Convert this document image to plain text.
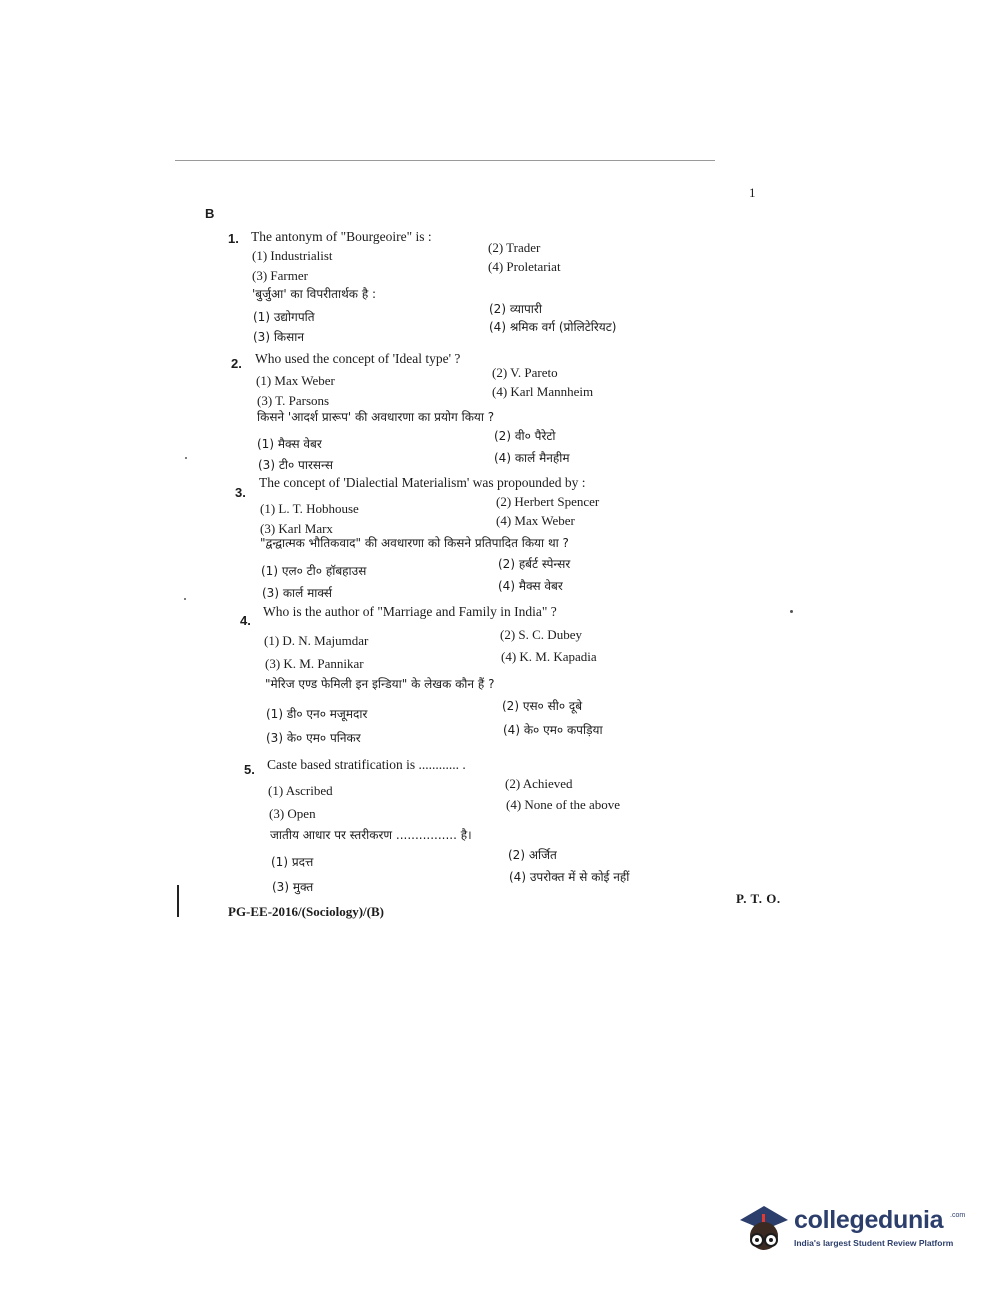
1
B
1. The antonym of "Bourgeoire" is :
(1) Industrialist
(2) Trader
(3) Farmer
(4) Proletariat
'बुर्जुआ' का विपरीतार्थक है :
(1) उद्योगपति
(2) व्यापारी
(3) किसान
(4) श्रमिक वर्ग (प्रोलिटेरियट)
2. Who used the concept of 'Ideal type' ?
(1) Max Weber
(2) V. Pareto
(3) T. Parsons
(4) Karl Mannheim
किसने 'आदर्श प्रारूप' की अवधारणा का प्रयोग किया ?
(1) मैक्स वेबर
(2) वी० पैरेटो
(3) टी० पारसन्स	(4) कार्ल मैनहीम
3.
The concept of 'Dialectial Materialism' was propounded by :
(1) L. T. Hobhouse	(2) Herbert Spencer
(3) Karl Marx
(4) Max Weber
"द्वन्द्वात्मक भौतिकवाद" की अवधारणा को किसने प्रतिपादित किया था ?
(1) एल० टी० हॉबहाउस	(2) हर्बर्ट स्पेन्सर
(3) कार्ल मार्क्स	(4) मैक्स वेबर
4.
Who is the author of "Marriage and Family in India" ?
(1) D. N. Majumdar	(2) S. C. Dubey
(3) K. M. Pannikar	(4) K. M. Kapadia
"मेरिज एण्ड फेमिली इन इन्डिया" के लेखक कौन हैं ?
(1) डी० एन० मजूमदार
(2) एस० सी० दूबे
(3) के० एम० पनिकर
(4) के० एम० कपड़िया
5. Caste based stratification is ............ .
(1) Ascribed	(2) Achieved
(3) Open
(4) None of the above
जातीय आधार पर स्तरीकरण ................ है।
(1) प्रदत्त	(2) अर्जित
(3) मुक्त
(4) उपरोक्त में से कोई नहीं
PG-EE-2016/(Sociology)/(B)
P. T. O.
collegedunia .com
India's largest Student Review Platform
